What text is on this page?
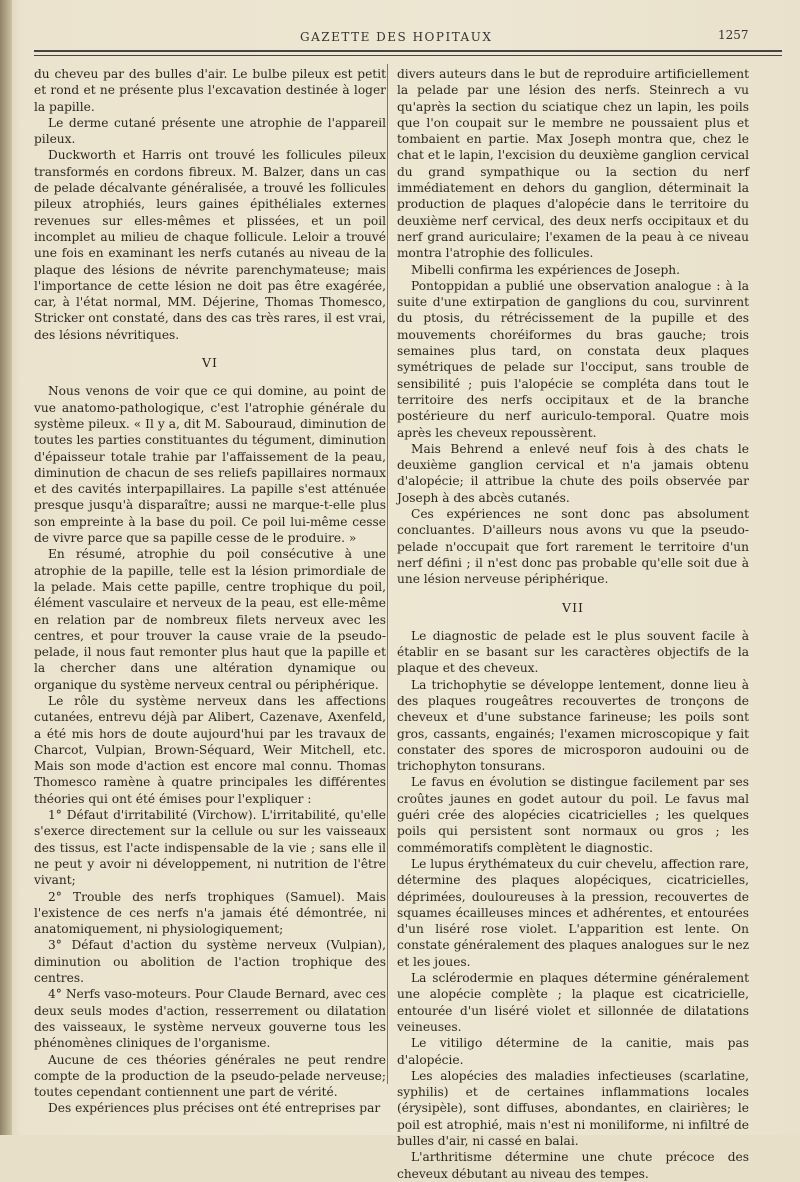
GAZETTE DES HOPITAUX	1257

du cheveu par des bulles d'air. Le bulbe pileux est petit et rond et ne présente plus l'excavation destinée à loger la papille.

Le derme cutané présente une atrophie de l'appareil pileux.

Duckworth et Harris ont trouvé les follicules pileux transformés en cordons fibreux. M. Balzer, dans un cas de pelade décalvante généralisée, a trouvé les follicules pileux atrophiés, leurs gaines épithéliales externes revenues sur elles-mêmes et plissées, et un poil incomplet au milieu de chaque follicule. Leloir a trouvé une fois en examinant les nerfs cutanés au niveau de la plaque des lésions de névrite parenchymateuse; mais l'importance de cette lésion ne doit pas être exagérée, car, à l'état normal, MM. Déjerine, Thomas Thomesco, Stricker ont constaté, dans des cas très rares, il est vrai, des lésions névritiques.

VI

Nous venons de voir que ce qui domine, au point de vue anatomo-pathologique, c'est l'atrophie générale du système pileux. « Il y a, dit M. Sabouraud, diminution de toutes les parties constituantes du tégument, diminution d'épaisseur totale trahie par l'affaissement de la peau, diminution de chacun de ses reliefs papillaires normaux et des cavités interpapillaires. La papille s'est atténuée presque jusqu'à disparaître; aussi ne marque-t-elle plus son empreinte à la base du poil. Ce poil lui-même cesse de vivre parce que sa papille cesse de le produire. »

En résumé, atrophie du poil consécutive à une atrophie de la papille, telle est la lésion primordiale de la pelade. Mais cette papille, centre trophique du poil, élément vasculaire et nerveux de la peau, est elle-même en relation par de nombreux filets nerveux avec les centres, et pour trouver la cause vraie de la pseudo-pelade, il nous faut remonter plus haut que la papille et la chercher dans une altération dynamique ou organique du système nerveux central ou périphérique.

Le rôle du système nerveux dans les affections cutanées, entrevu déjà par Alibert, Cazenave, Axenfeld, a été mis hors de doute aujourd'hui par les travaux de Charcot, Vulpian, Brown-Séquard, Weir Mitchell, etc. Mais son mode d'action est encore mal connu. Thomas Thomesco ramène à quatre principales les différentes théories qui ont été émises pour l'expliquer :

1° Défaut d'irritabilité (Virchow). L'irritabilité, qu'elle s'exerce directement sur la cellule ou sur les vaisseaux des tissus, est l'acte indispensable de la vie ; sans elle il ne peut y avoir ni développement, ni nutrition de l'être vivant;

2° Trouble des nerfs trophiques (Samuel). Mais l'existence de ces nerfs n'a jamais été démontrée, ni anatomiquement, ni physiologiquement;

3° Défaut d'action du système nerveux (Vulpian), diminution ou abolition de l'action trophique des centres.

4° Nerfs vaso-moteurs. Pour Claude Bernard, avec ces deux seuls modes d'action, resserrement ou dilatation des vaisseaux, le système nerveux gouverne tous les phénomènes cliniques de l'organisme.

Aucune de ces théories générales ne peut rendre compte de la production de la pseudo-pelade nerveuse; toutes cependant contiennent une part de vérité.

Des expériences plus précises ont été entreprises par

divers auteurs dans le but de reproduire artificiellement la pelade par une lésion des nerfs. Steinrech a vu qu'après la section du sciatique chez un lapin, les poils que l'on coupait sur le membre ne poussaient plus et tombaient en partie. Max Joseph montra que, chez le chat et le lapin, l'excision du deuxième ganglion cervical du grand sympathique ou la section du nerf immédiatement en dehors du ganglion, déterminait la production de plaques d'alopécie dans le territoire du deuxième nerf cervical, des deux nerfs occipitaux et du nerf grand auriculaire; l'examen de la peau à ce niveau montra l'atrophie des follicules.

Mibelli confirma les expériences de Joseph.

Pontoppidan a publié une observation analogue : à la suite d'une extirpation de ganglions du cou, survinrent du ptosis, du rétrécissement de la pupille et des mouvements choréiformes du bras gauche; trois semaines plus tard, on constata deux plaques symétriques de pelade sur l'occiput, sans trouble de sensibilité ; puis l'alopécie se compléta dans tout le territoire des nerfs occipitaux et de la branche postérieure du nerf auriculo-temporal. Quatre mois après les cheveux repoussèrent.

Mais Behrend a enlevé neuf fois à des chats le deuxième ganglion cervical et n'a jamais obtenu d'alopécie; il attribue la chute des poils observée par Joseph à des abcès cutanés.

Ces expériences ne sont donc pas absolument concluantes. D'ailleurs nous avons vu que la pseudo-pelade n'occupait que fort rarement le territoire d'un nerf défini ; il n'est donc pas probable qu'elle soit due à une lésion nerveuse périphérique.

VII

Le diagnostic de pelade est le plus souvent facile à établir en se basant sur les caractères objectifs de la plaque et des cheveux.

La trichophytie se développe lentement, donne lieu à des plaques rougeâtres recouvertes de tronçons de cheveux et d'une substance farineuse; les poils sont gros, cassants, engainés; l'examen microscopique y fait constater des spores de microsporon audouini ou de trichophyton tonsurans.

Le favus en évolution se distingue facilement par ses croûtes jaunes en godet autour du poil. Le favus mal guéri crée des alopécies cicatricielles ; les quelques poils qui persistent sont normaux ou gros ; les commémoratifs complètent le diagnostic.

Le lupus érythémateux du cuir chevelu, affection rare, détermine des plaques alopéciques, cicatricielles, déprimées, douloureuses à la pression, recouvertes de squames écailleuses minces et adhérentes, et entourées d'un liséré rose violet. L'apparition est lente. On constate généralement des plaques analogues sur le nez et les joues.

La sclérodermie en plaques détermine généralement une alopécie complète ; la plaque est cicatricielle, entourée d'un liséré violet et sillonnée de dilatations veineuses.

Le vitiligo détermine de la canitie, mais pas d'alopécie.

Les alopécies des maladies infectieuses (scarlatine, syphilis) et de certaines inflammations locales (érysipèle), sont diffuses, abondantes, en clairières; le poil est atrophié, mais n'est ni moniliforme, ni infiltré de bulles d'air, ni cassé en balai.

L'arthritisme détermine une chute précoce des cheveux débutant au niveau des tempes.
